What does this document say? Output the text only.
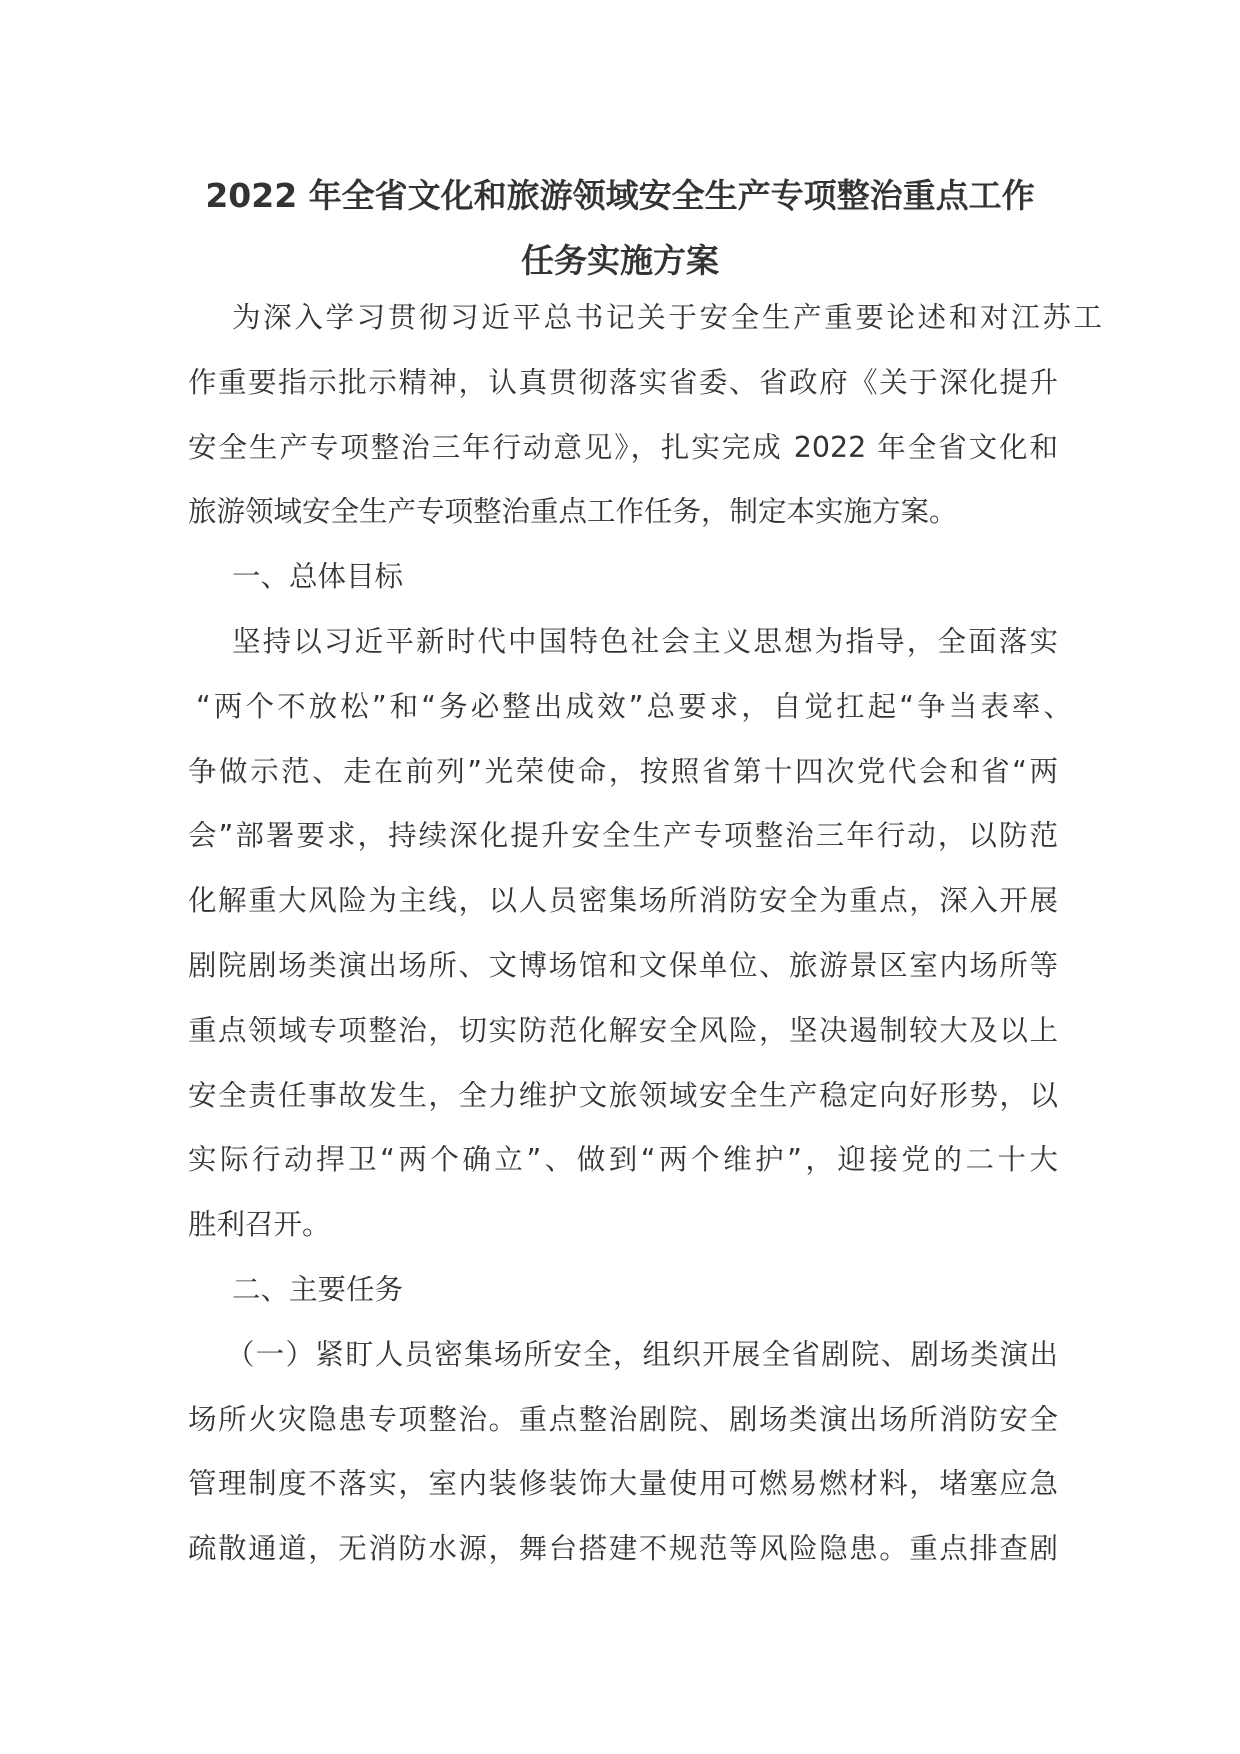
2022 年全省文化和旅游领域安全生产专项整治重点工作
任务实施方案
为深入学习贯彻习近平总书记关于安全生产重要论述和对江苏工
作重要指示批示精神，认真贯彻落实省委、省政府《关于深化提升
安全生产专项整治三年行动意见》，扎实完成 2022 年全省文化和
旅游领域安全生产专项整治重点工作任务，制定本实施方案。
一、总体目标
坚持以习近平新时代中国特色社会主义思想为指导，全面落实
“两个不放松”和“务必整出成效”总要求，自觉扛起“争当表率、
争做示范、走在前列”光荣使命，按照省第十四次党代会和省“两
会”部署要求，持续深化提升安全生产专项整治三年行动，以防范
化解重大风险为主线，以人员密集场所消防安全为重点，深入开展
剧院剧场类演出场所、文博场馆和文保单位、旅游景区室内场所等
重点领域专项整治，切实防范化解安全风险，坚决遏制较大及以上
安全责任事故发生，全力维护文旅领域安全生产稳定向好形势，以
实际行动捍卫“两个确立”、做到“两个维护”，迎接党的二十大
胜利召开。
二、主要任务
（一）紧盯人员密集场所安全，组织开展全省剧院、剧场类演出
场所火灾隐患专项整治。重点整治剧院、剧场类演出场所消防安全
管理制度不落实，室内装修装饰大量使用可燃易燃材料，堵塞应急
疏散通道，无消防水源，舞台搭建不规范等风险隐患。重点排查剧
